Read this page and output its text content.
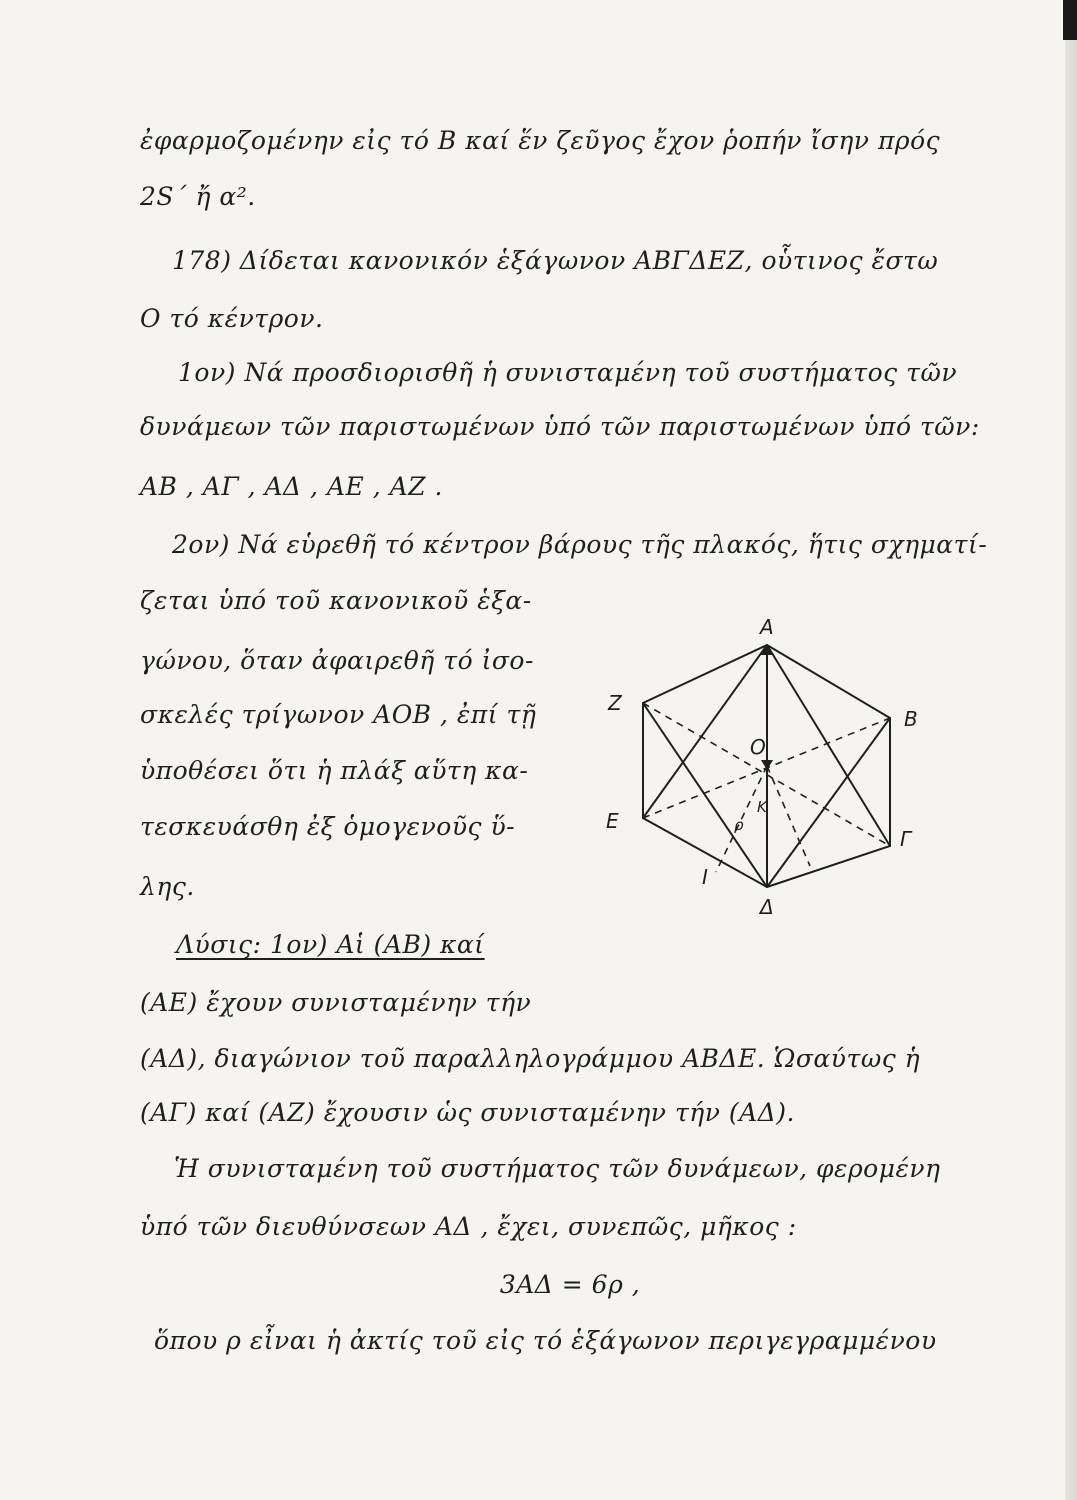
ἐφαρμοζομένην εἰς τό Β καί ἕν ζεῦγος ἔχον ῥοπήν ἴσην πρός
2S΄ ἤ α².
178) Δίδεται κανονικόν ἑξάγωνον ΑΒΓΔΕΖ, οὗτινος ἔστω
Ο τό κέντρον.
1ον) Νά προσδιορισθῆ ἡ συνισταμένη τοῦ συστήματος τῶν
δυνάμεων τῶν παριστωμένων ὑπό τῶν παριστωμένων ὑπό τῶν:
ΑΒ , ΑΓ , ΑΔ , ΑΕ , ΑΖ .
2ον) Νά εὑρεθῆ τό κέντρον βάρους τῆς πλακός, ἥτις σχηματί-
ζεται ὑπό τοῦ κανονικοῦ ἑξα-
γώνου, ὅταν ἀφαιρεθῆ τό ἰσο-
σκελές τρίγωνον ΑΟΒ , ἐπί τῇ
ὑποθέσει ὅτι ἡ πλάξ αὕτη κα-
τεσκευάσθη ἐξ ὁμογενοῦς ὕ-
λης.
Λύσις: 1ον) Αἱ (ΑΒ) καί
(ΑΕ) ἔχουν συνισταμένην τήν
(ΑΔ), διαγώνιον τοῦ παραλληλογράμμου ΑΒΔΕ. Ὡσαύτως ἡ
(ΑΓ) καί (ΑΖ) ἔχουσιν ὡς συνισταμένην τήν (ΑΔ).
Ἡ συνισταμένη τοῦ συστήματος τῶν δυνάμεων, φερομένη
ὑπό τῶν διευθύνσεων ΑΔ , ἔχει, συνεπῶς, μῆκος :
3ΑΔ = 6ρ ,
ὅπου ρ εἶναι ἡ ἀκτίς τοῦ εἰς τό ἑξάγωνον περιγεγραμμένου
Α
Β
Γ
Δ
Ε
Ζ
Ο
Κ
Ι
ρ
